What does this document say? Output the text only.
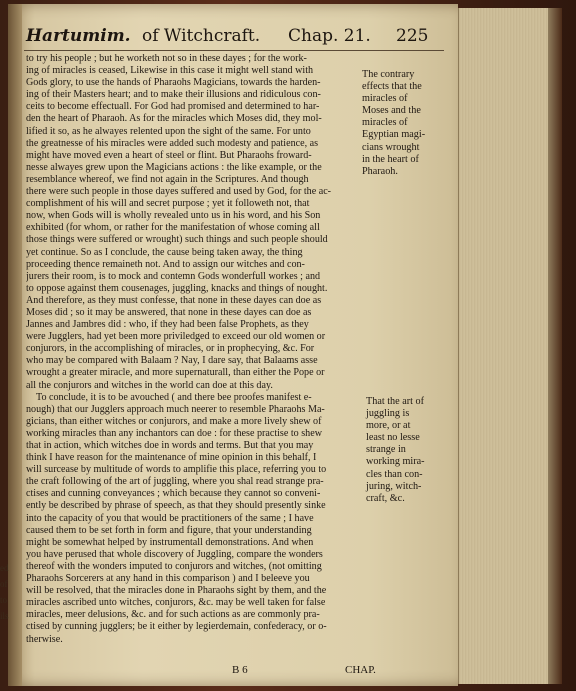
ed
of
to
ils
Hartumim. of Witchcraft. Chap. 21. 225
to try his people ; but he worketh not so in these dayes ; for the work-
ing of miracles is ceased, Likewise in this case it might well stand with
Gods glory, to use the hands of Pharaohs Magicians, towards the harden-
ing of their Masters heart; and to make their illusions and ridiculous con-
ceits to become effectuall. For God had promised and determined to har-
den the heart of Pharaoh. As for the miracles which Moses did, they mol-
lified it so, as he alwayes relented upon the sight of the same. For unto
the greatnesse of his miracles were added such modesty and patience, as
might have moved even a heart of steel or flint. But Pharaohs froward-
nesse alwayes grew upon the Magicians actions : the like example, or the
resemblance whereof, we find not again in the Scriptures. And though
there were such people in those dayes suffered and used by God, for the ac-
complishment of his will and secret purpose ; yet it followeth not, that
now, when Gods will is wholly revealed unto us in his word, and his Son
exhibited (for whom, or rather for the manifestation of whose coming all
those things were suffered or wrought) such things and such people should
yet continue. So as I conclude, the cause being taken away, the thing
proceeding thence remaineth not. And to assign our witches and con-
jurers their room, is to mock and contemn Gods wonderfull workes ; and
to oppose against them cousenages, juggling, knacks and things of nought.
And therefore, as they must confesse, that none in these dayes can doe as
Moses did ; so it may be answered, that none in these dayes can doe as
Jannes and Jambres did : who, if they had been false Prophets, as they
were Jugglers, had yet been more priviledged to exceed our old women or
conjurors, in the accomplishing of miracles, or in prophecying, &c. For
who may be compared with Balaam ? Nay, I dare say, that Balaams asse
wrought a greater miracle, and more supernaturall, than either the Pope or
all the conjurors and witches in the world can doe at this day.
To conclude, it is to be avouched ( and there bee proofes manifest e-
nough) that our Jugglers approach much neerer to resemble Pharaohs Ma-
gicians, than either witches or conjurors, and make a more lively shew of
working miracles than any inchantors can doe : for these practise to shew
that in action, which witches doe in words and terms. But that you may
think I have reason for the maintenance of mine opinion in this behalf, I
will surcease by multitude of words to amplifie this place, referring you to
the craft following of the art of juggling, where you shal read strange pra-
ctises and cunning conveyances ; which because they cannot so conveni-
ently be described by phrase of speech, as that they should presently sinke
into the capacity of you that would be practitioners of the same ; I have
caused them to be set forth in form and figure, that your understanding
might be somewhat helped by instrumentall demonstrations. And when
you have perused that whole discovery of Juggling, compare the wonders
thereof with the wonders imputed to conjurors and witches, (not omitting
Pharaohs Sorcerers at any hand in this comparison ) and I beleeve you
will be resolved, that the miracles done in Pharaohs sight by them, and the
miracles ascribed unto witches, conjurors, &c. may be well taken for false
miracles, meer delusions, &c. and for such actions as are commonly pra-
ctised by cunning jugglers; be it either by legierdemain, confederacy, or o-
therwise.
The contrary
effects that the
miracles of
Moses and the
miracles of
Egyptian magi-
cians wrought
in the heart of
Pharaoh.
That the art of
juggling is
more, or at
least no lesse
strange in
working mira-
cles than con-
juring, witch-
craft, &c.
B 6	CHAP.
